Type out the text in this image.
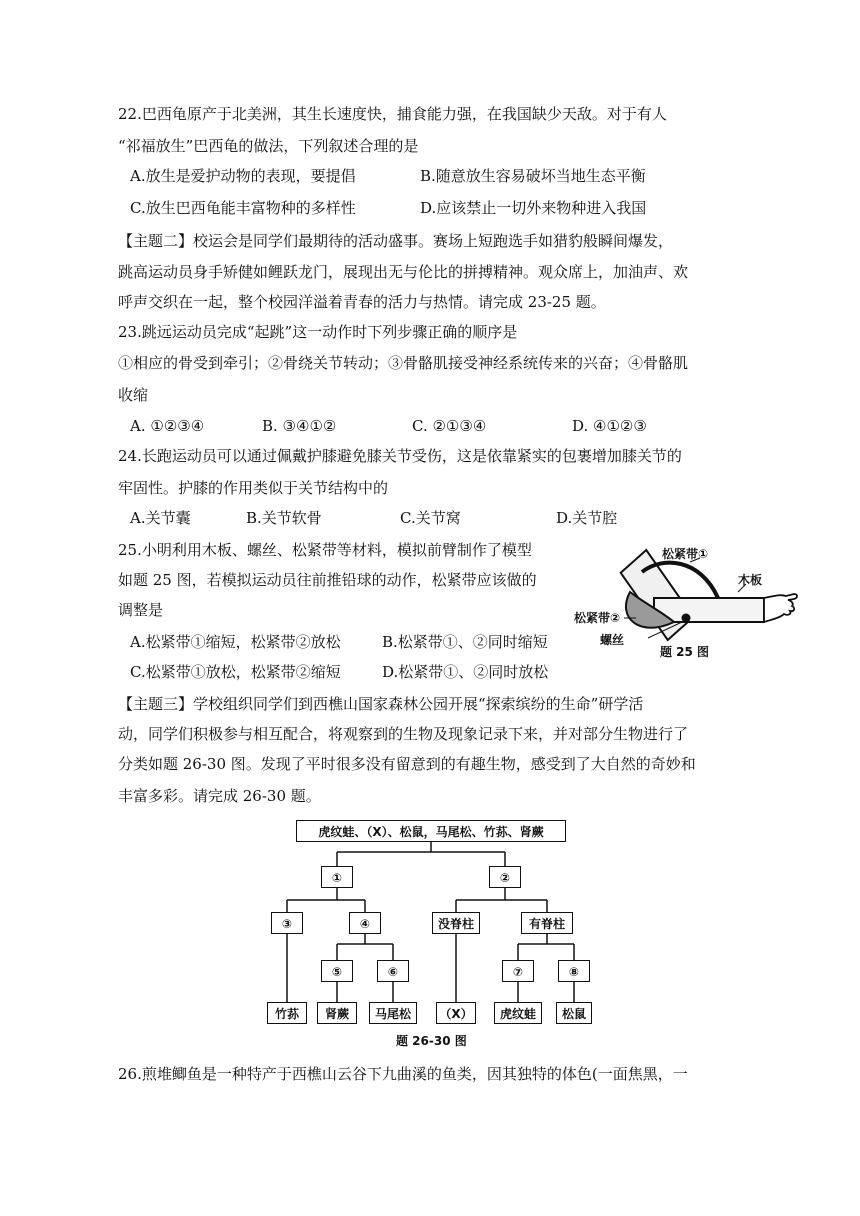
22.巴西龟原产于北美洲，其生长速度快，捕食能力强，在我国缺少天敌。对于有人
“祁福放生”巴西龟的做法，下列叙述合理的是
A.放生是爱护动物的表现，要提倡	B.随意放生容易破坏当地生态平衡
C.放生巴西龟能丰富物种的多样性	D.应该禁止一切外来物种进入我国
【主题二】校运会是同学们最期待的活动盛事。赛场上短跑选手如猎豹般瞬间爆发，
跳高运动员身手矫健如鲤跃龙门，展现出无与伦比的拼搏精神。观众席上，加油声、欢
呼声交织在一起，整个校园洋溢着青春的活力与热情。请完成 23-25 题。
23.跳远运动员完成“起跳”这一动作时下列步骤正确的顺序是
①相应的骨受到牵引；②骨绕关节转动；③骨骼肌接受神经系统传来的兴奋；④骨骼肌
收缩
A. ①②③④	B. ③④①②	C. ②①③④	D. ④①②③
24.长跑运动员可以通过佩戴护膝避免膝关节受伤，这是依靠紧实的包裹增加膝关节的
牢固性。护膝的作用类似于关节结构中的
A.关节囊	B.关节软骨	C.关节窝	D.关节腔
25.小明利用木板、螺丝、松紧带等材料，模拟前臂制作了模型
如题 25 图，若模拟运动员往前推铅球的动作，松紧带应该做的
调整是
A.松紧带①缩短，松紧带②放松	B.松紧带①、②同时缩短
C.松紧带①放松，松紧带②缩短	D.松紧带①、②同时放松
松紧带①
木板
松紧带②
螺丝
题 25 图
【主题三】学校组织同学们到西樵山国家森林公园开展“探索缤纷的生命”研学活
动，同学们积极参与相互配合，将观察到的生物及现象记录下来，并对部分生物进行了
分类如题 26-30 图。发现了平时很多没有留意到的有趣生物，感受到了大自然的奇妙和
丰富多彩。请完成 26-30 题。
虎纹蛙、（X）、松鼠，马尾松、竹荪、肾蕨
①	②
③	④	没脊柱	有脊柱
⑤	⑥	⑦	⑧
竹荪	肾蕨	马尾松	（X）	虎纹蛙	松鼠
题 26-30 图
26.煎堆鲫鱼是一种特产于西樵山云谷下九曲溪的鱼类，因其独特的体色(一面焦黑，一
